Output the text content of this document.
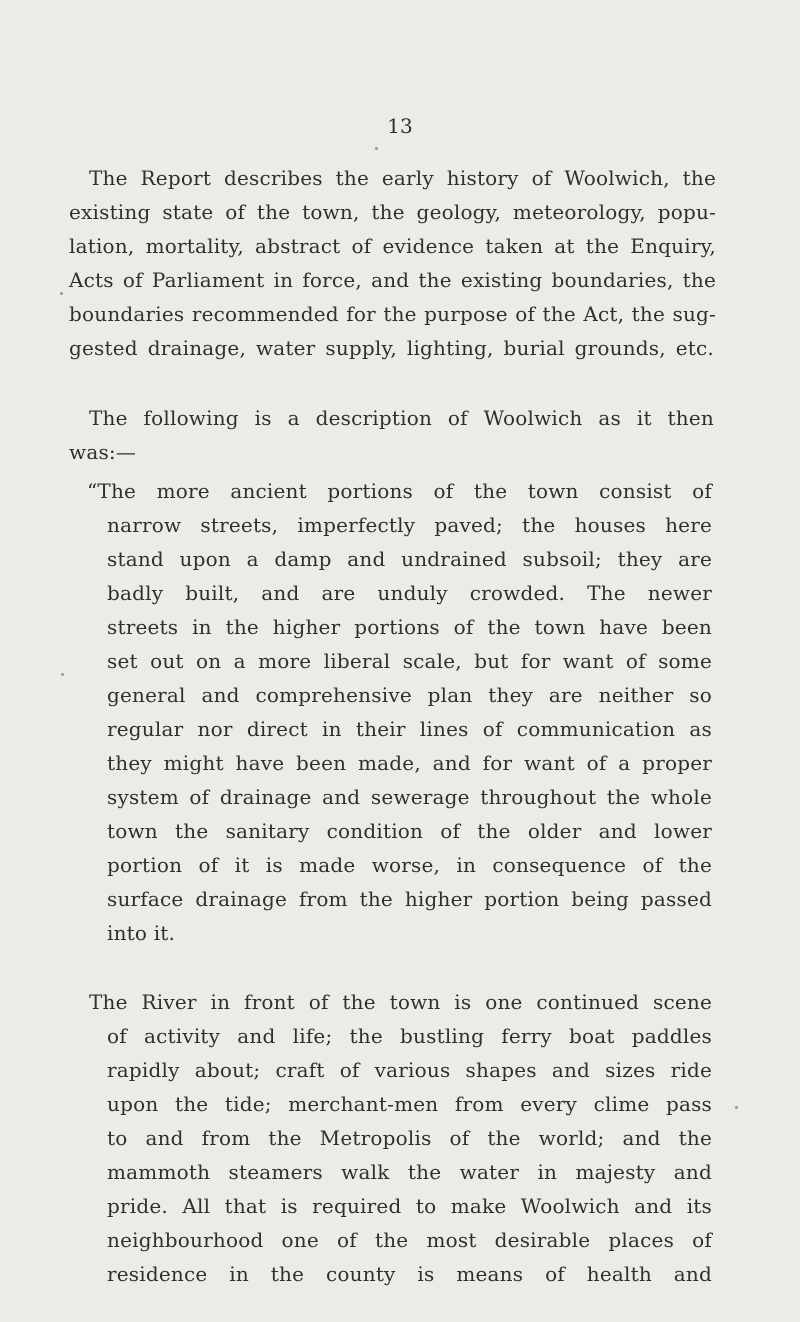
13
The Report describes the early history of Woolwich, the
existing state of the town, the geology, meteorology, popu-
lation, mortality, abstract of evidence taken at the Enquiry,
Acts of Parliament in force, and the existing boundaries, the
boundaries recommended for the purpose of the Act, the sug-
gested drainage, water supply, lighting, burial grounds, etc.
The following is a description of Woolwich as it then
was:—
“The more ancient portions of the town consist of
narrow streets, imperfectly paved; the houses here
stand upon a damp and undrained subsoil; they are
badly built, and are unduly crowded. The newer
streets in the higher portions of the town have been
set out on a more liberal scale, but for want of some
general and comprehensive plan they are neither so
regular nor direct in their lines of communication as
they might have been made, and for want of a proper
system of drainage and sewerage throughout the whole
town the sanitary condition of the older and lower
portion of it is made worse, in consequence of the
surface drainage from the higher portion being passed
into it.
The River in front of the town is one continued scene
of activity and life; the bustling ferry boat paddles
rapidly about; craft of various shapes and sizes ride
upon the tide; merchant-men from every clime pass
to and from the Metropolis of the world; and the
mammoth steamers walk the water in majesty and
pride. All that is required to make Woolwich and its
neighbourhood one of the most desirable places of
residence in the county is means of health and
